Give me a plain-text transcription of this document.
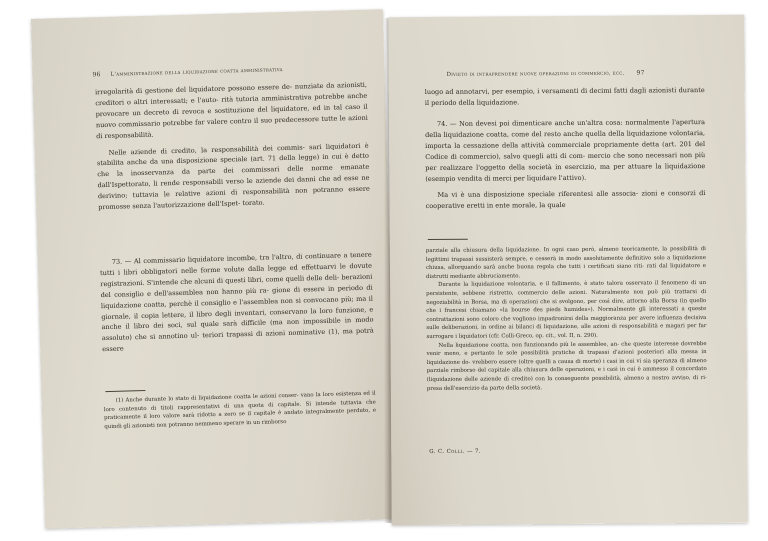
96 L'amministrazione della liquidazione coatta amministrativa

irregolarità di gestione del liquidatore possono essere de- nunziate da azionisti, creditori o altri interessati; e l'auto- rità tutoria amministrativa potrebbe anche provocare un decreto di revoca e sostituzione del liquidatore, ed in tal caso il nuovo commissario potrebbe far valere contro il suo predecessore tutte le azioni di responsabilità.

Nelle aziende di credito, la responsabilità dei commis- sari liquidatori è stabilita anche da una disposizione speciale (art. 71 della legge) in cui è detto che la inosservanza da parte dei commissari delle norme emanate dall'Ispettorato, li rende responsabili verso le aziende dei danni che ad esse ne derivino; tuttavia le relative azioni di responsabilità non potranno essere promosse senza l'autorizzazione dell'Ispet- torato.

73. — Al commissario liquidatore incombe, tra l'altro, di continuare a tenere tutti i libri obbligatori nelle forme volute dalla legge ed effettuarvi le dovute registrazioni. S'intende che alcuni di questi libri, come quelli delle deli- berazioni del consiglio e dell'assemblea non hanno più ra- gione di essere in periodo di liquidazione coatta, perchè il consiglio e l'assemblea non si convocano più; ma il giornale, il copia lettere, il libro degli inventari, conservano la loro funzione, e anche il libro dei soci, sul quale sarà difficile (ma non impossibile in modo assoluto) che si annotino ul- teriori trapassi di azioni nominative (1), ma potrà essere

(1) Anche durante lo stato di liquidazione coatta le azioni conser- vano la loro esistenza ed il loro contenuto di titoli rappresentativi di una quota di capitale. Si intende tuttavia che praticamente il loro valore sarà ridotto a zero se il capitale è andato integralmente perduto, e quindi gli azionisti non potranno nemmeno sperare in un rimborso

Divieto di intraprendere nuove operazioni di commercio, ecc. 97

luogo ad annotarvi, per esempio, i versamenti di decimi fatti dagli azionisti durante il periodo della liquidazione.

74. — Non devesi poi dimenticare anche un'altra cosa: normalmente l'apertura della liquidazione coatta, come del resto anche quella della liquidazione volontaria, importa la cessazione della attività commerciale propriamente detta (art. 201 del Codice di commercio), salvo quegli atti di com- mercio che sono necessari non più per realizzare l'oggetto della società in esercizio, ma per attuare la liquidazione (esempio vendita di merci per liquidare l'attivo).

Ma vi è una disposizione speciale riferentesi alle associa- zioni e consorzi di cooperative eretti in ente morale, la quale

parziale alla chiusura della liquidazione. In ogni caso però, almeno teoricamente, la possibilità di legittimi trapassi sussisterà sempre, e cesserà in modo assolutamente definitivo solo a liquidazione chiusa, allorquando sarà anche buona regola che tutti i certificati siano riti- rati dal liquidatore e distrutti mediante abbruciamento.

Durante la liquidazione volontaria, e il fallimento, è stato talora osservato il fenomeno di un persistente, sebbene ristretto, commercio delle azioni. Naturalmente non può più trattarsi di negoziabilità in Borsa, ma di operazioni che si svolgono, per così dire, attorno alla Borsa (in quello che i francesi chiamano «la bourse des pieds humides»). Normalmente gli interessati a queste contrattazioni sono coloro che vogliono impadronirsi della maggioranza per avere influenza decisiva sulle deliberazioni, in ordine ai bilanci di liquidazione, alle azioni di responsabilità e magari per far surrogare i liquidatori (cfr. Colli-Greco, op. cit., vol. II, n. 290).

Nella liquidazione coatta, non funzionando più le assemblee, an- che queste interesse dovrebbe venir meno, e pertanto le sole possibilità pratiche di trapassi d'azioni posteriori alla messa in liquidazione do- vrebbero essere (oltre quelli a causa di morte) i casi in cui vi sia speranza di almeno parziale rimborso del capitale alla chiusura delle operazioni, e i casi in cui è ammesso il concordato (liquidazione delle aziende di credito) con la conseguente possibilità, almeno a nostro avviso, di ri- presa dell'esercizio da parte della società.

G. C. Colli. — 7.
